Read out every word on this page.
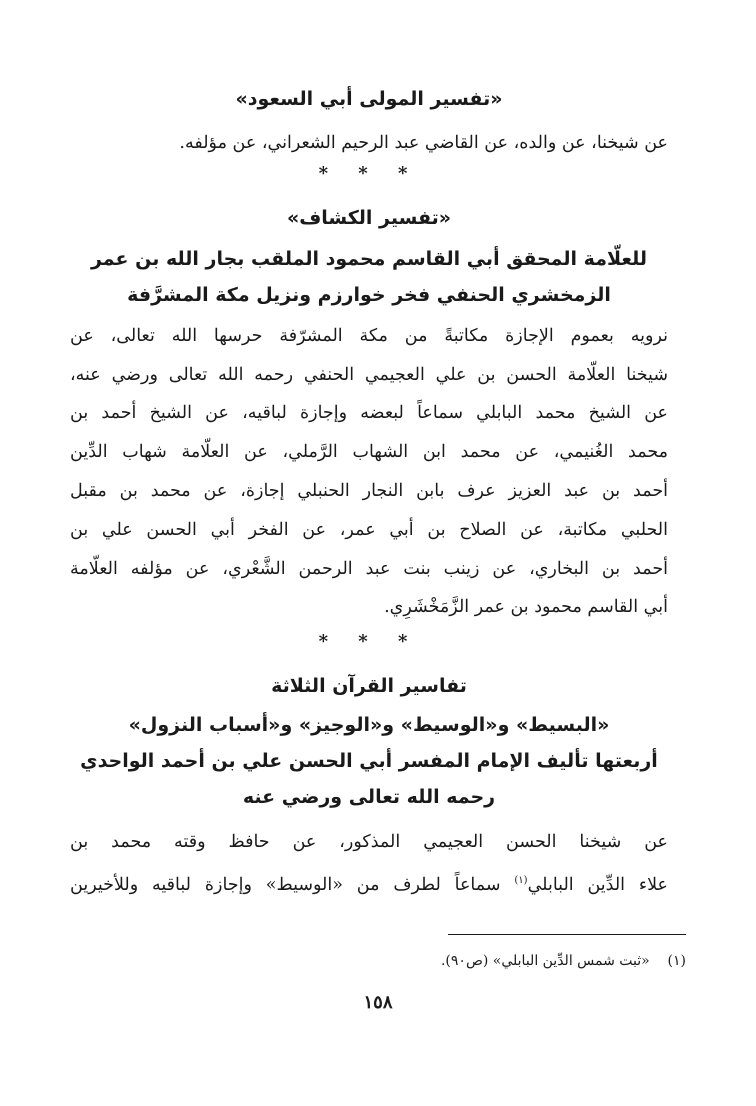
«تفسير المولى أبي السعود»

عن شيخنا، عن والده، عن القاضي عبد الرحيم الشعراني، عن مؤلفه.

* * *

«تفسير الكشاف»

للعلّامة المحقق أبي القاسم محمود الملقب بجار الله بن عمر

الزمخشري الحنفي فخر خوارزم ونزيل مكة المشرَّفة

نرويه بعموم الإجازة مكاتبةً من مكة المشرّفة حرسها الله تعالى، عن

شيخنا العلّامة الحسن بن علي العجيمي الحنفي رحمه الله تعالى ورضي عنه،

عن الشيخ محمد البابلي سماعاً لبعضه وإجازة لباقيه، عن الشيخ أحمد بن

محمد الغُنيمي، عن محمد ابن الشهاب الرَّملي، عن العلّامة شهاب الدِّين

أحمد بن عبد العزيز عرف بابن النجار الحنبلي إجازة، عن محمد بن مقبل

الحلبي مكاتبة، عن الصلاح بن أبي عمر، عن الفخر أبي الحسن علي بن

أحمد بن البخاري، عن زينب بنت عبد الرحمن الشَّعْري، عن مؤلفه العلّامة

أبي القاسم محمود بن عمر الزَّمَخْشَرِي.

* * *

تفاسير القرآن الثلاثة

«البسيط» و«الوسيط» و«الوجيز» و«أسباب النزول»

أربعتها تأليف الإمام المفسر أبي الحسن علي بن أحمد الواحدي

رحمه الله تعالى ورضي عنه

عن شيخنا الحسن العجيمي المذكور، عن حافظ وقته محمد بن

علاء الدِّين البابلي$^{(١)}$ سماعاً لطرف من «الوسيط» وإجازة لباقيه وللأخيرين

(١)    «ثبت شمس الدِّين البابلي» (ص٩٠).
١٥٨
